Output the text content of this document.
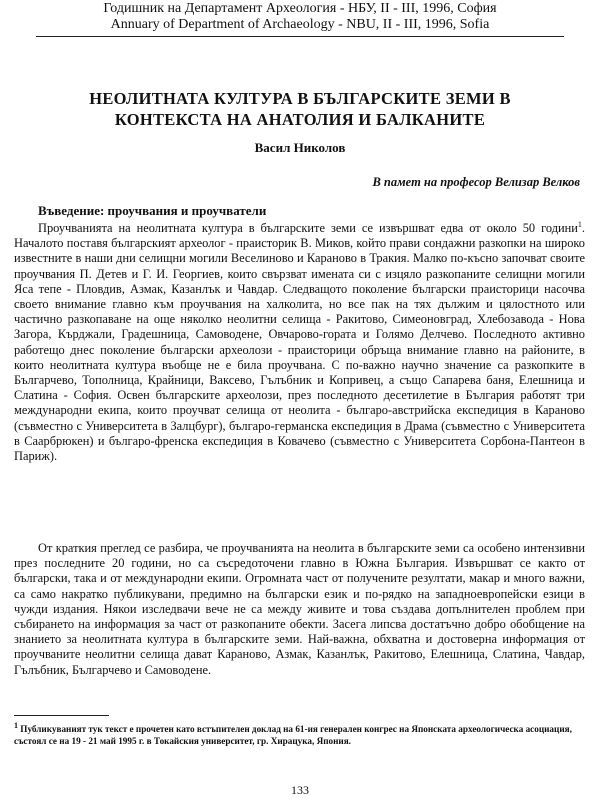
Годишник на Департамент Археология - НБУ, II - III, 1996, София
Annuary of Department of Archaeology - NBU, II - III, 1996, Sofia
НЕОЛИТНАТА КУЛТУРА В БЪЛГАРСКИТЕ ЗЕМИ В
КОНТЕКСТА НА АНАТОЛИЯ И БАЛКАНИТЕ
Васил Николов
В памет на професор Велизар Велков
Въведение: проучвания и проучватели

Проучванията на неолитната култура в българските земи се извършват едва от около 50 години$^1$. Началото поставя българският археолог - праисторик В. Миков, който прави сондажни разкопки на широко известните в наши дни селищни могили Веселиново и Караново в Тракия. Малко по-късно започват своите проучвания П. Детев и Г. И. Георгиев, които свързват имената си с изцяло разкопаните селищни могили Яса тепе - Пловдив, Азмак, Казанлък и Чавдар. Следващото поколение български праисторици насочва своето внимание главно към проучвания на халколита, но все пак на тях дължим и цялостното или частично разкопаване на още няколко неолитни селища - Ракитово, Симеоновград, Хлебозавода - Нова Загора, Кърджали, Градешница, Самоводене, Овчарово-гората и Голямо Делчево. Последното активно работещо днес поколение български археолози - праисторици обръща внимание главно на районите, в които неолитната култура въобще не е била проучвана. С по-важно научно значение са разкопките в Българчево, Тополница, Крайници, Ваксево, Гълъбник и Копривец, а също Сапарева баня, Елешница и Слатина - София. Освен българските археолози, през последното десетилетие в България работят три международни екипа, които проучват селища от неолита - българо-австрийска експедиция в Караново (съвместно с Университета в Залцбург), българо-германска експедиция в Драма (съвместно с Университета в Саарбрюкен) и българо-френска експедиция в Ковачево (съвместно с Университета Сорбона-Пантеон в Париж).

От краткия преглед се разбира, че проучванията на неолита в българските земи са особено интензивни през последните 20 години, но са съсредоточени главно в Южна България. Извършват се както от български, така и от международни екипи. Огромната част от получените резултати, макар и много важни, са само накратко публикувани, предимно на български език и по-рядко на западноевропейски езици в чужди издания. Някои изследвачи вече не са между живите и това създава допълнителен проблем при събирането на информация за част от разкопаните обекти. Засега липсва достатъчно добро обобщение на знанието за неолитната култура в българските земи. Най-важна, обхватна и достоверна информация от проучваните неолитни селища дават Караново, Азмак, Казанлък, Ракитово, Елешница, Слатина, Чавдар, Гълъбник, Българчево и Самоводене.

$^1$ Публикуваният тук текст е прочетен като встъпителен доклад на 61-ия генерален конгрес на Японската археологическа асоциация, състоял се на 19 - 21 май 1995 г. в Токайския университет, гр. Хирацука, Япония.
133
